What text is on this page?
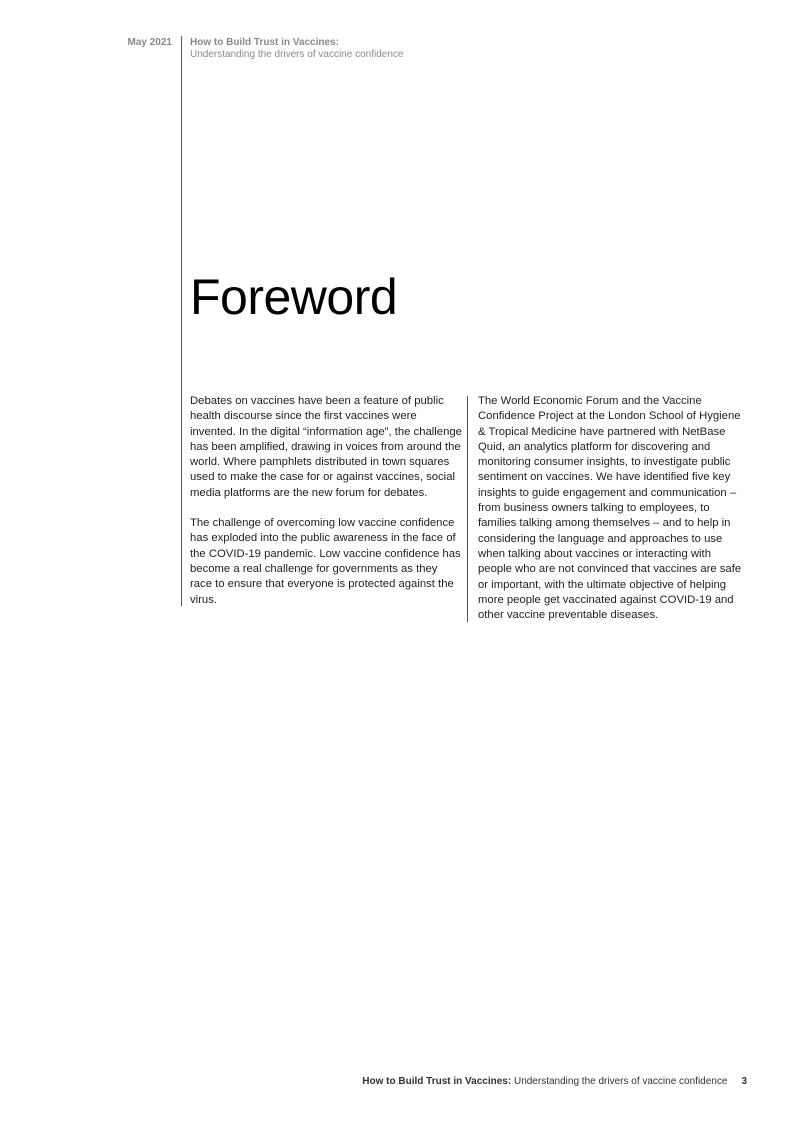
May 2021 How to Build Trust in Vaccines:
Understanding the drivers of vaccine confidence
Foreword

Debates on vaccines have been a feature of public health discourse since the first vaccines were invented. In the digital “information age”, the challenge has been amplified, drawing in voices from around the world. Where pamphlets distributed in town squares used to make the case for or against vaccines, social media platforms are the new forum for debates.

The challenge of overcoming low vaccine confidence has exploded into the public awareness in the face of the COVID-19 pandemic. Low vaccine confidence has become a real challenge for governments as they race to ensure that everyone is protected against the virus.

The World Economic Forum and the Vaccine Confidence Project at the London School of Hygiene & Tropical Medicine have partnered with NetBase Quid, an analytics platform for discovering and monitoring consumer insights, to investigate public sentiment on vaccines. We have identified five key insights to guide engagement and communication – from business owners talking to employees, to families talking among themselves – and to help in considering the language and approaches to use when talking about vaccines or interacting with people who are not convinced that vaccines are safe or important, with the ultimate objective of helping more people get vaccinated against COVID-19 and other vaccine preventable diseases.

How to Build Trust in Vaccines: Understanding the drivers of vaccine confidence 3
